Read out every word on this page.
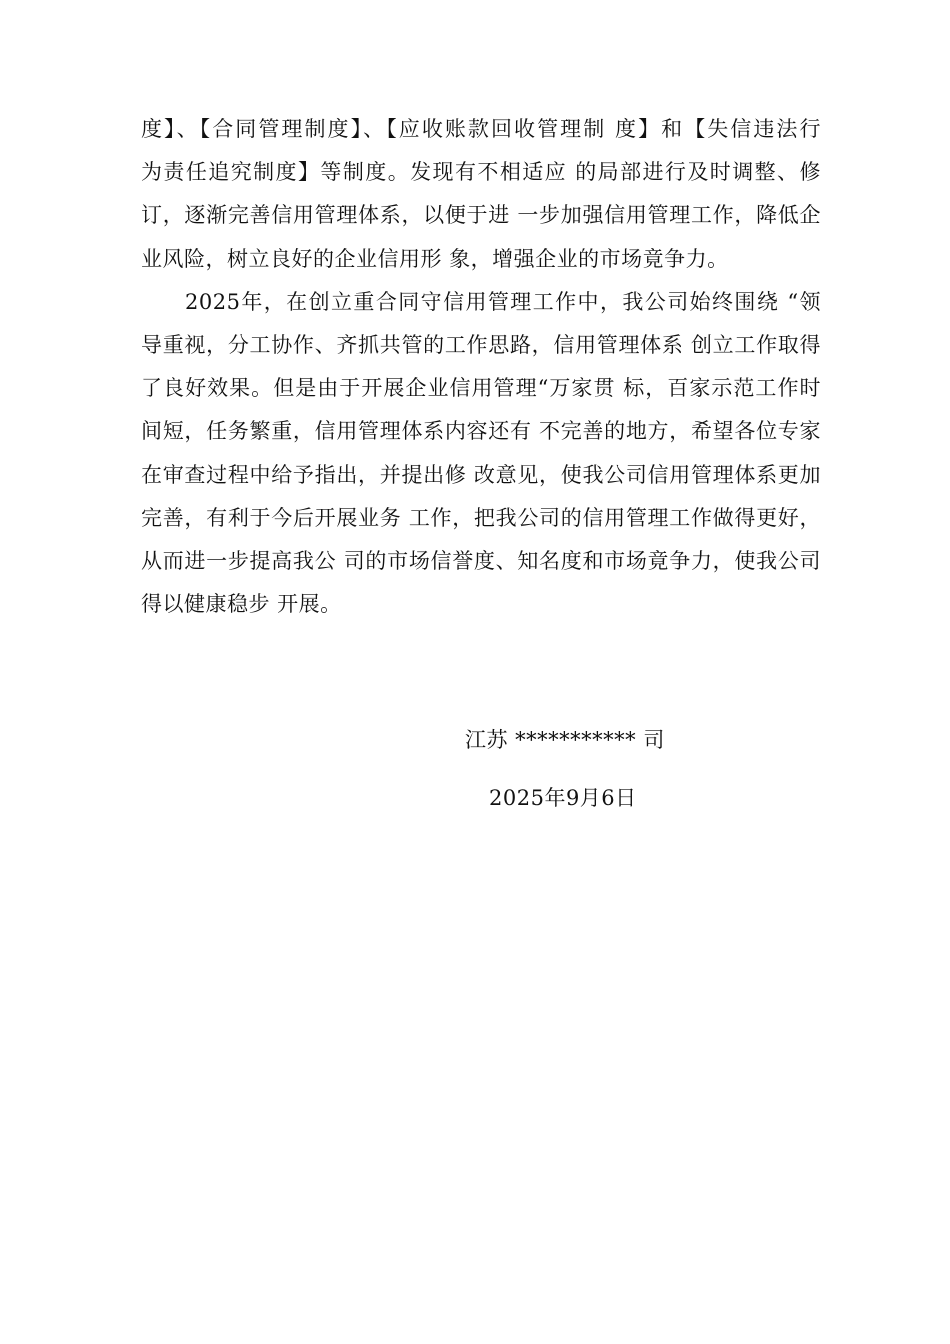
度】、【合同管理制度】、【应收账款回收管理制 度】和【失信违法行
为责任追究制度】等制度。发现有不相适应 的局部进行及时调整、修
订，逐渐完善信用管理体系，以便于进 一步加强信用管理工作，降低企
业风险，树立良好的企业信用形 象，增强企业的市场竟争力。
2025年，在创立重合同守信用管理工作中，我公司始终围绕 “领
导重视，分工协作、齐抓共管的工作思路，信用管理体系 创立工作取得
了良好效果。但是由于开展企业信用管理“万家贯 标，百家示范工作时
间短，任务繁重，信用管理体系内容还有 不完善的地方，希望各位专家
在审查过程中给予指出，并提出修 改意见，使我公司信用管理体系更加
完善，有利于今后开展业务 工作，把我公司的信用管理工作做得更好，
从而进一步提高我公 司的市场信誉度、知名度和市场竟争力，使我公司
得以健康稳步 开展。
江苏 *********** 司
2025年9月6日
